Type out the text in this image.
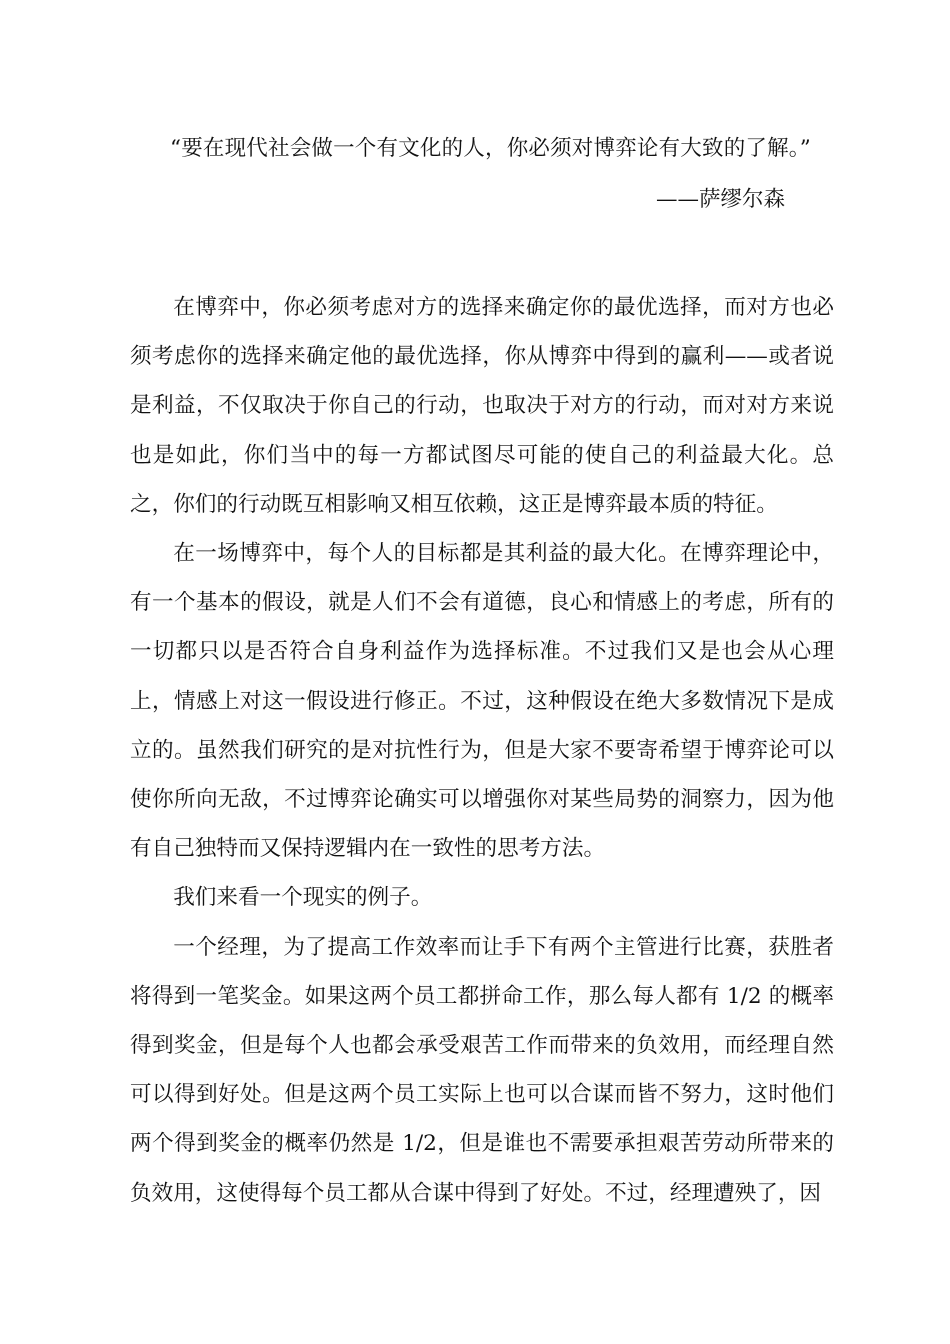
“要在现代社会做一个有文化的人，你必须对博弈论有大致的了解。”
——萨缪尔森

在博弈中，你必须考虑对方的选择来确定你的最优选择，而对方也必须考虑你的选择来确定他的最优选择，你从博弈中得到的赢利——或者说是利益，不仅取决于你自己的行动，也取决于对方的行动，而对对方来说也是如此，你们当中的每一方都试图尽可能的使自己的利益最大化。总之，你们的行动既互相影响又相互依赖，这正是博弈最本质的特征。

在一场博弈中，每个人的目标都是其利益的最大化。在博弈理论中，有一个基本的假设，就是人们不会有道德，良心和情感上的考虑，所有的一切都只以是否符合自身利益作为选择标准。不过我们又是也会从心理上，情感上对这一假设进行修正。不过，这种假设在绝大多数情况下是成立的。虽然我们研究的是对抗性行为，但是大家不要寄希望于博弈论可以使你所向无敌，不过博弈论确实可以增强你对某些局势的洞察力，因为他有自己独特而又保持逻辑内在一致性的思考方法。

我们来看一个现实的例子。

一个经理，为了提高工作效率而让手下有两个主管进行比赛，获胜者将得到一笔奖金。如果这两个员工都拼命工作，那么每人都有 1/2 的概率得到奖金，但是每个人也都会承受艰苦工作而带来的负效用，而经理自然可以得到好处。但是这两个员工实际上也可以合谋而皆不努力，这时他们两个得到奖金的概率仍然是 1/2，但是谁也不需要承担艰苦劳动所带来的负效用，这使得每个员工都从合谋中得到了好处。不过，经理遭殃了，因
